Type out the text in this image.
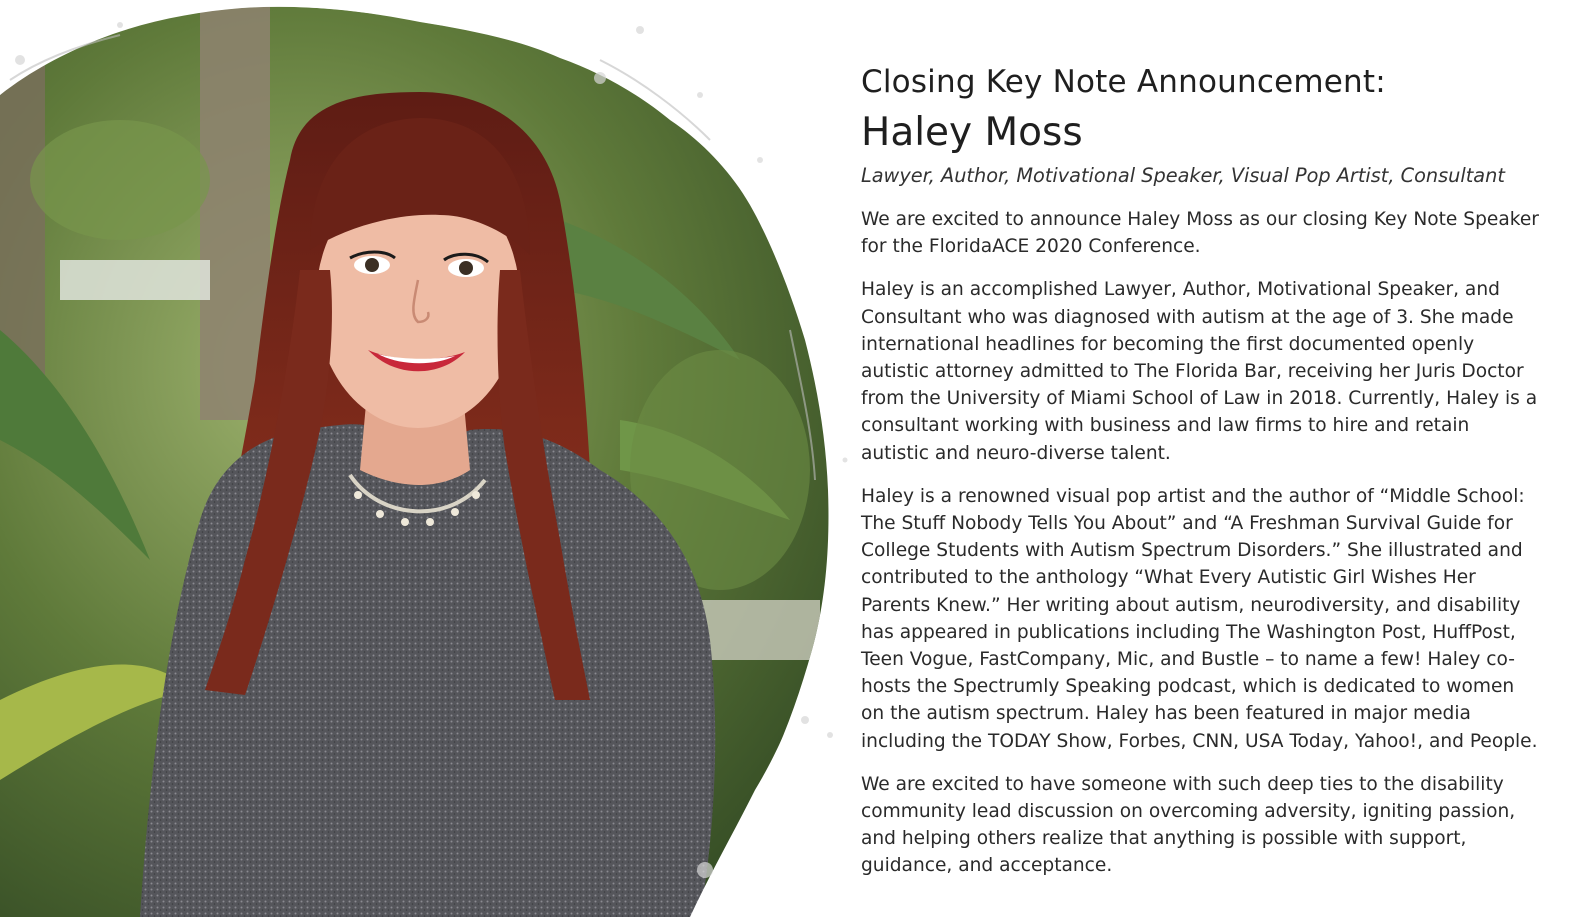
Closing Key Note Announcement:
Haley Moss

Lawyer, Author, Motivational Speaker, Visual Pop Artist, Consultant

We are excited to announce Haley Moss as our closing Key Note Speaker for the FloridaACE 2020 Conference.

Haley is an accomplished Lawyer, Author, Motivational Speaker, and Consultant who was diagnosed with autism at the age of 3. She made international headlines for becoming the first documented openly autistic attorney admitted to The Florida Bar, receiving her Juris Doctor from the University of Miami School of Law in 2018. Currently, Haley is a consultant working with business and law firms to hire and retain autistic and neuro-diverse talent.

Haley is a renowned visual pop artist and the author of “Middle School: The Stuff Nobody Tells You About” and “A Freshman Survival Guide for College Students with Autism Spectrum Disorders.” She illustrated and contributed to the anthology “What Every Autistic Girl Wishes Her Parents Knew.” Her writing about autism, neurodiversity, and disability has appeared in publications including The Washington Post, HuffPost, Teen Vogue, FastCompany, Mic, and Bustle – to name a few! Haley co-hosts the Spectrumly Speaking podcast, which is dedicated to women on the autism spectrum. Haley has been featured in major media including the TODAY Show, Forbes, CNN, USA Today, Yahoo!, and People.

We are excited to have someone with such deep ties to the disability community lead discussion on overcoming adversity, igniting passion, and helping others realize that anything is possible with support, guidance, and acceptance.
